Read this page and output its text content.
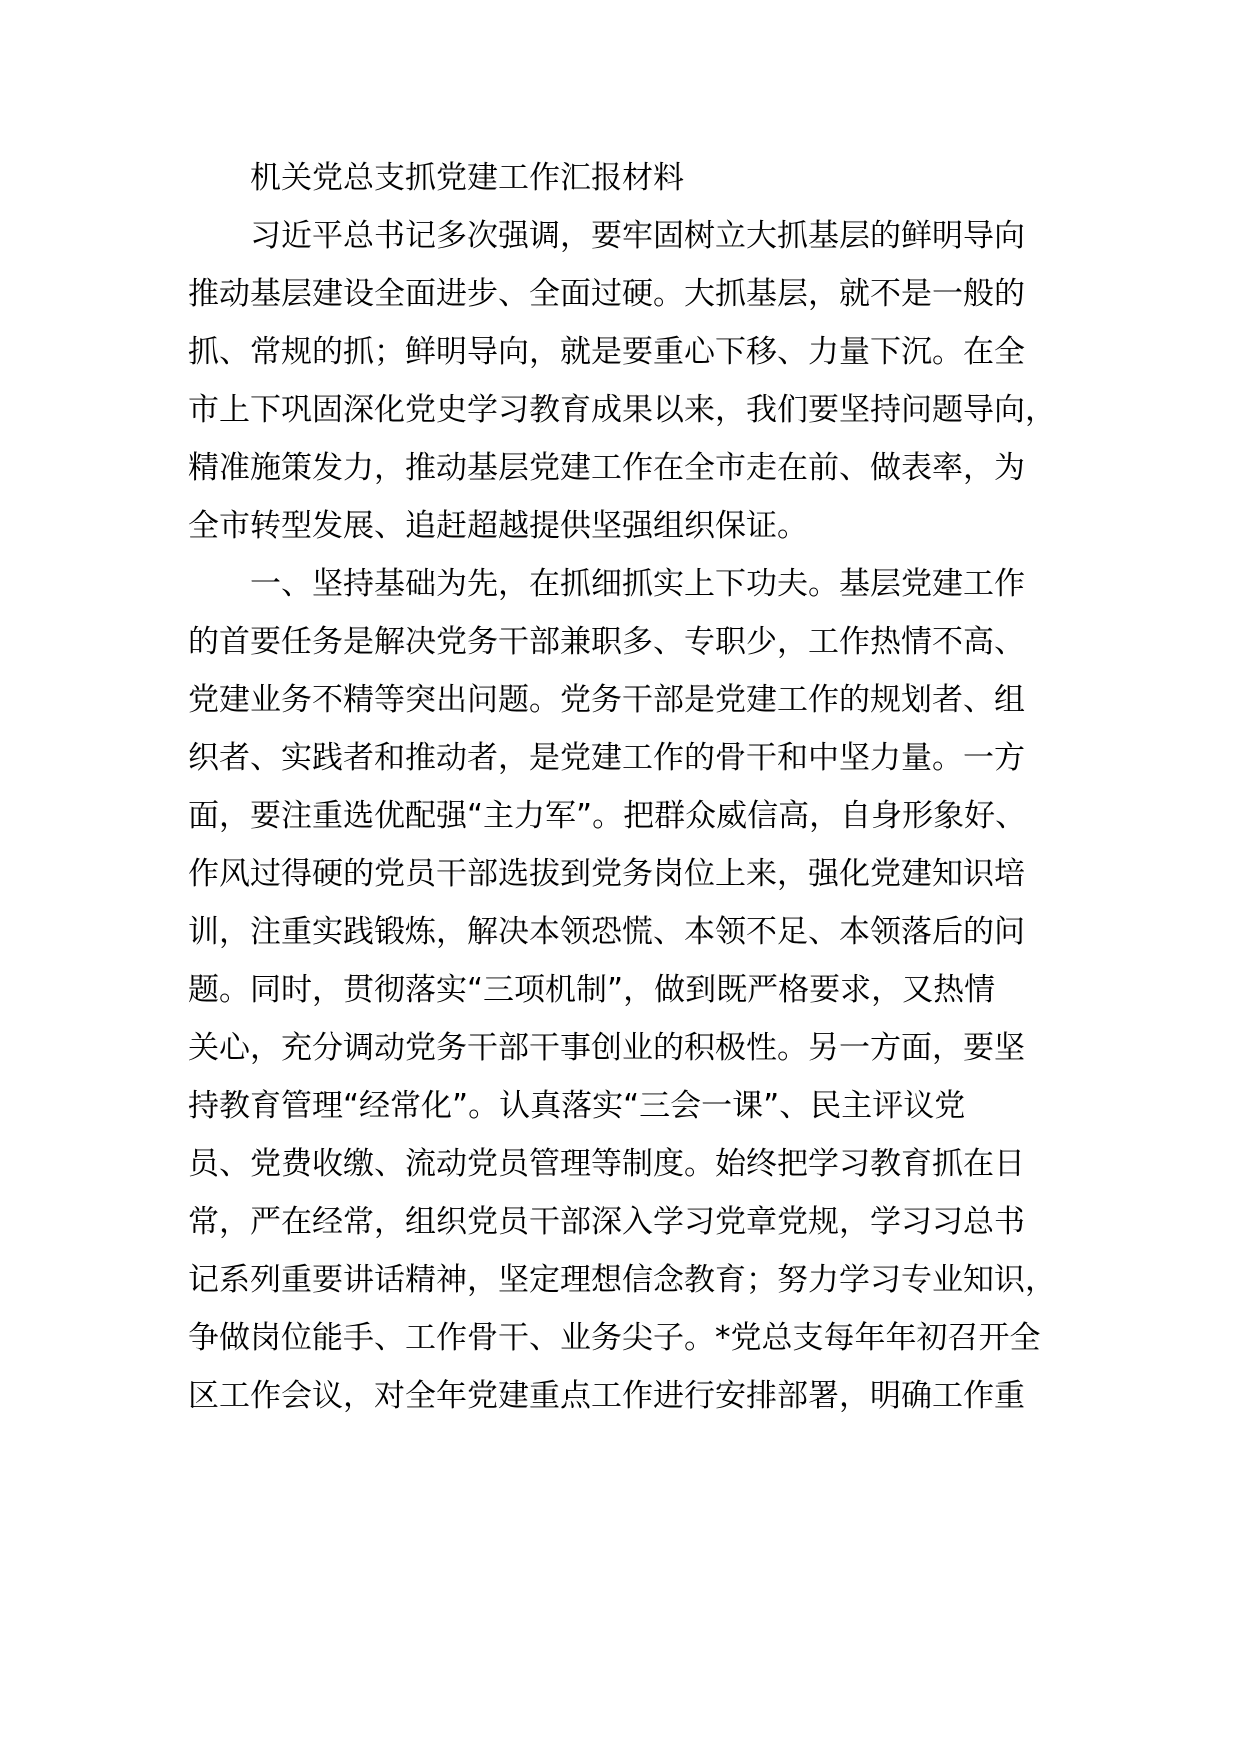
机关党总支抓党建工作汇报材料
习近平总书记多次强调，要牢固树立大抓基层的鲜明导向
推动基层建设全面进步、全面过硬。大抓基层，就不是一般的
抓、常规的抓；鲜明导向，就是要重心下移、力量下沉。在全
市上下巩固深化党史学习教育成果以来，我们要坚持问题导向，
精准施策发力，推动基层党建工作在全市走在前、做表率，为
全市转型发展、追赶超越提供坚强组织保证。
一、坚持基础为先，在抓细抓实上下功夫。基层党建工作
的首要任务是解决党务干部兼职多、专职少，工作热情不高、
党建业务不精等突出问题。党务干部是党建工作的规划者、组
织者、实践者和推动者，是党建工作的骨干和中坚力量。一方
面，要注重选优配强“主力军”。把群众威信高，自身形象好、
作风过得硬的党员干部选拔到党务岗位上来，强化党建知识培
训，注重实践锻炼，解决本领恐慌、本领不足、本领落后的问
题。同时，贯彻落实“三项机制”，做到既严格要求，又热情
关心，充分调动党务干部干事创业的积极性。另一方面，要坚
持教育管理“经常化”。认真落实“三会一课”、民主评议党
员、党费收缴、流动党员管理等制度。始终把学习教育抓在日
常，严在经常，组织党员干部深入学习党章党规，学习习总书
记系列重要讲话精神，坚定理想信念教育；努力学习专业知识，
争做岗位能手、工作骨干、业务尖子。*党总支每年年初召开全
区工作会议，对全年党建重点工作进行安排部署，明确工作重
